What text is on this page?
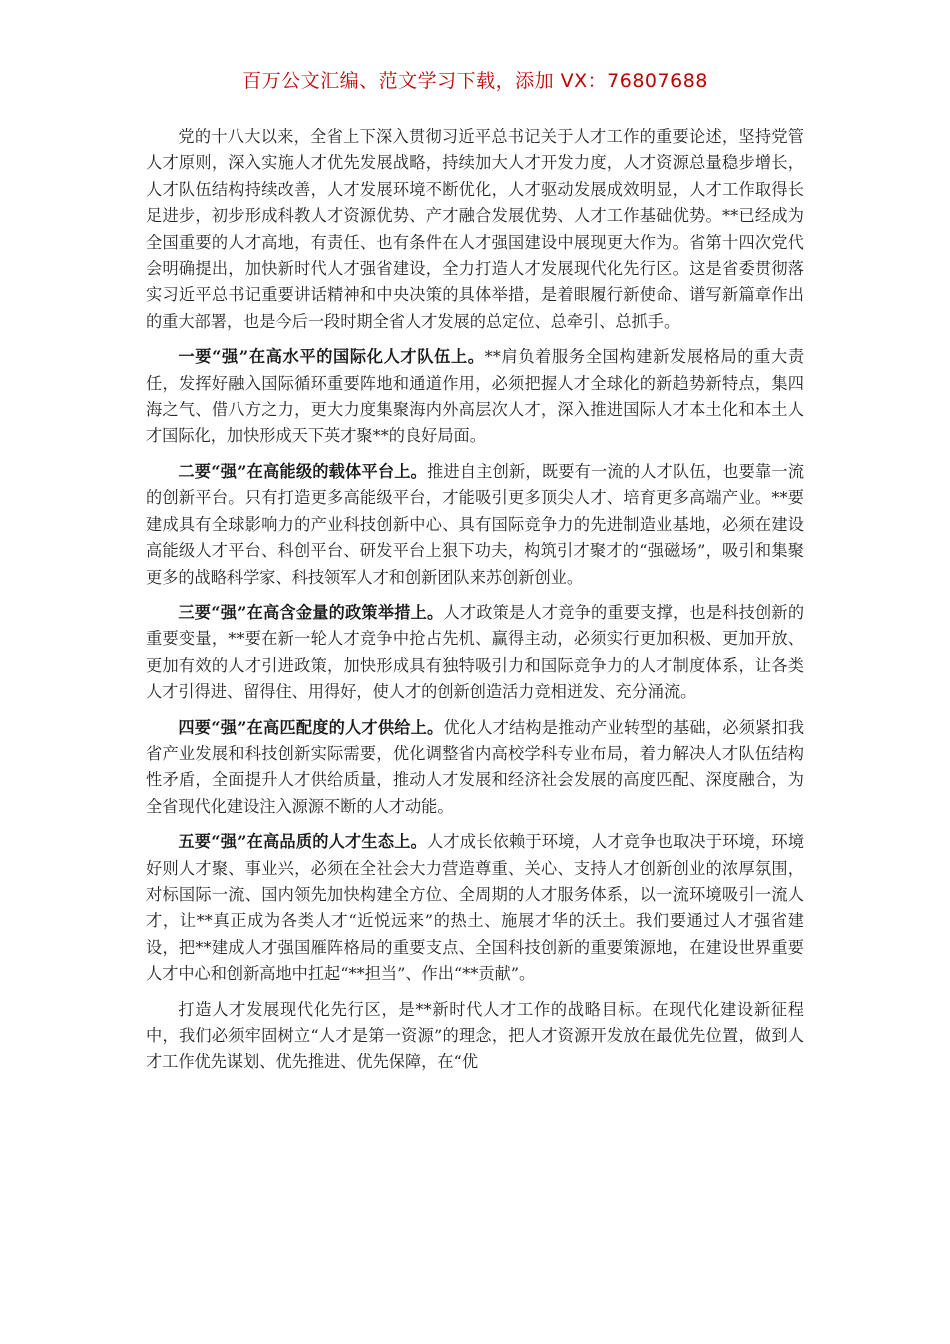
百万公文汇编、范文学习下载，添加 VX：76807688

党的十八大以来，全省上下深入贯彻习近平总书记关于人才工作的重要论述，坚持党管人才原则，深入实施人才优先发展战略，持续加大人才开发力度，人才资源总量稳步增长，人才队伍结构持续改善，人才发展环境不断优化，人才驱动发展成效明显，人才工作取得长足进步，初步形成科教人才资源优势、产才融合发展优势、人才工作基础优势。**已经成为全国重要的人才高地，有责任、也有条件在人才强国建设中展现更大作为。省第十四次党代会明确提出，加快新时代人才强省建设，全力打造人才发展现代化先行区。这是省委贯彻落实习近平总书记重要讲话精神和中央决策的具体举措，是着眼履行新使命、谱写新篇章作出的重大部署，也是今后一段时期全省人才发展的总定位、总牵引、总抓手。

一要“强”在高水平的国际化人才队伍上。**肩负着服务全国构建新发展格局的重大责任，发挥好融入国际循环重要阵地和通道作用，必须把握人才全球化的新趋势新特点，集四海之气、借八方之力，更大力度集聚海内外高层次人才，深入推进国际人才本土化和本土人才国际化，加快形成天下英才聚**的良好局面。

二要“强”在高能级的载体平台上。推进自主创新，既要有一流的人才队伍，也要靠一流的创新平台。只有打造更多高能级平台，才能吸引更多顶尖人才、培育更多高端产业。**要建成具有全球影响力的产业科技创新中心、具有国际竞争力的先进制造业基地，必须在建设高能级人才平台、科创平台、研发平台上狠下功夫，构筑引才聚才的“强磁场”，吸引和集聚更多的战略科学家、科技领军人才和创新团队来苏创新创业。

三要“强”在高含金量的政策举措上。人才政策是人才竞争的重要支撑，也是科技创新的重要变量，**要在新一轮人才竞争中抢占先机、赢得主动，必须实行更加积极、更加开放、更加有效的人才引进政策，加快形成具有独特吸引力和国际竞争力的人才制度体系，让各类人才引得进、留得住、用得好，使人才的创新创造活力竞相迸发、充分涌流。

四要“强”在高匹配度的人才供给上。优化人才结构是推动产业转型的基础，必须紧扣我省产业发展和科技创新实际需要，优化调整省内高校学科专业布局，着力解决人才队伍结构性矛盾，全面提升人才供给质量，推动人才发展和经济社会发展的高度匹配、深度融合，为全省现代化建设注入源源不断的人才动能。

五要“强”在高品质的人才生态上。人才成长依赖于环境，人才竞争也取决于环境，环境好则人才聚、事业兴，必须在全社会大力营造尊重、关心、支持人才创新创业的浓厚氛围，对标国际一流、国内领先加快构建全方位、全周期的人才服务体系，以一流环境吸引一流人才，让**真正成为各类人才“近悦远来”的热土、施展才华的沃土。我们要通过人才强省建设，把**建成人才强国雁阵格局的重要支点、全国科技创新的重要策源地，在建设世界重要人才中心和创新高地中扛起“**担当”、作出“**贡献”。

打造人才发展现代化先行区，是**新时代人才工作的战略目标。在现代化建设新征程中，我们必须牢固树立“人才是第一资源”的理念，把人才资源开发放在最优先位置，做到人才工作优先谋划、优先推进、优先保障，在“优
